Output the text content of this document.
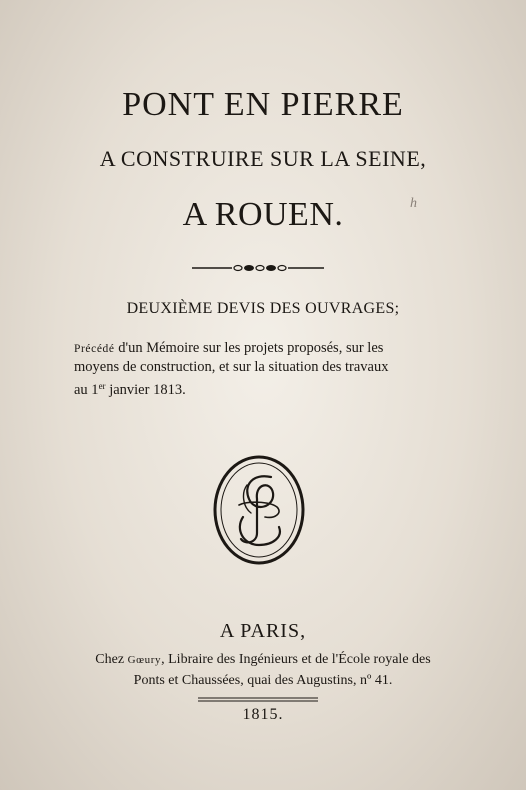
PONT EN PIERRE
A CONSTRUIRE SUR LA SEINE,
A ROUEN.	h
DEUXIÈME DEVIS DES OUVRAGES;
Précédé d'un Mémoire sur les projets proposés, sur les
moyens de construction, et sur la situation des travaux
au 1er janvier 1813.
A PARIS,
Chez Gœury, Libraire des Ingénieurs et de l'École royale des
Ponts et Chaussées, quai des Augustins, nº 41.
1815.
